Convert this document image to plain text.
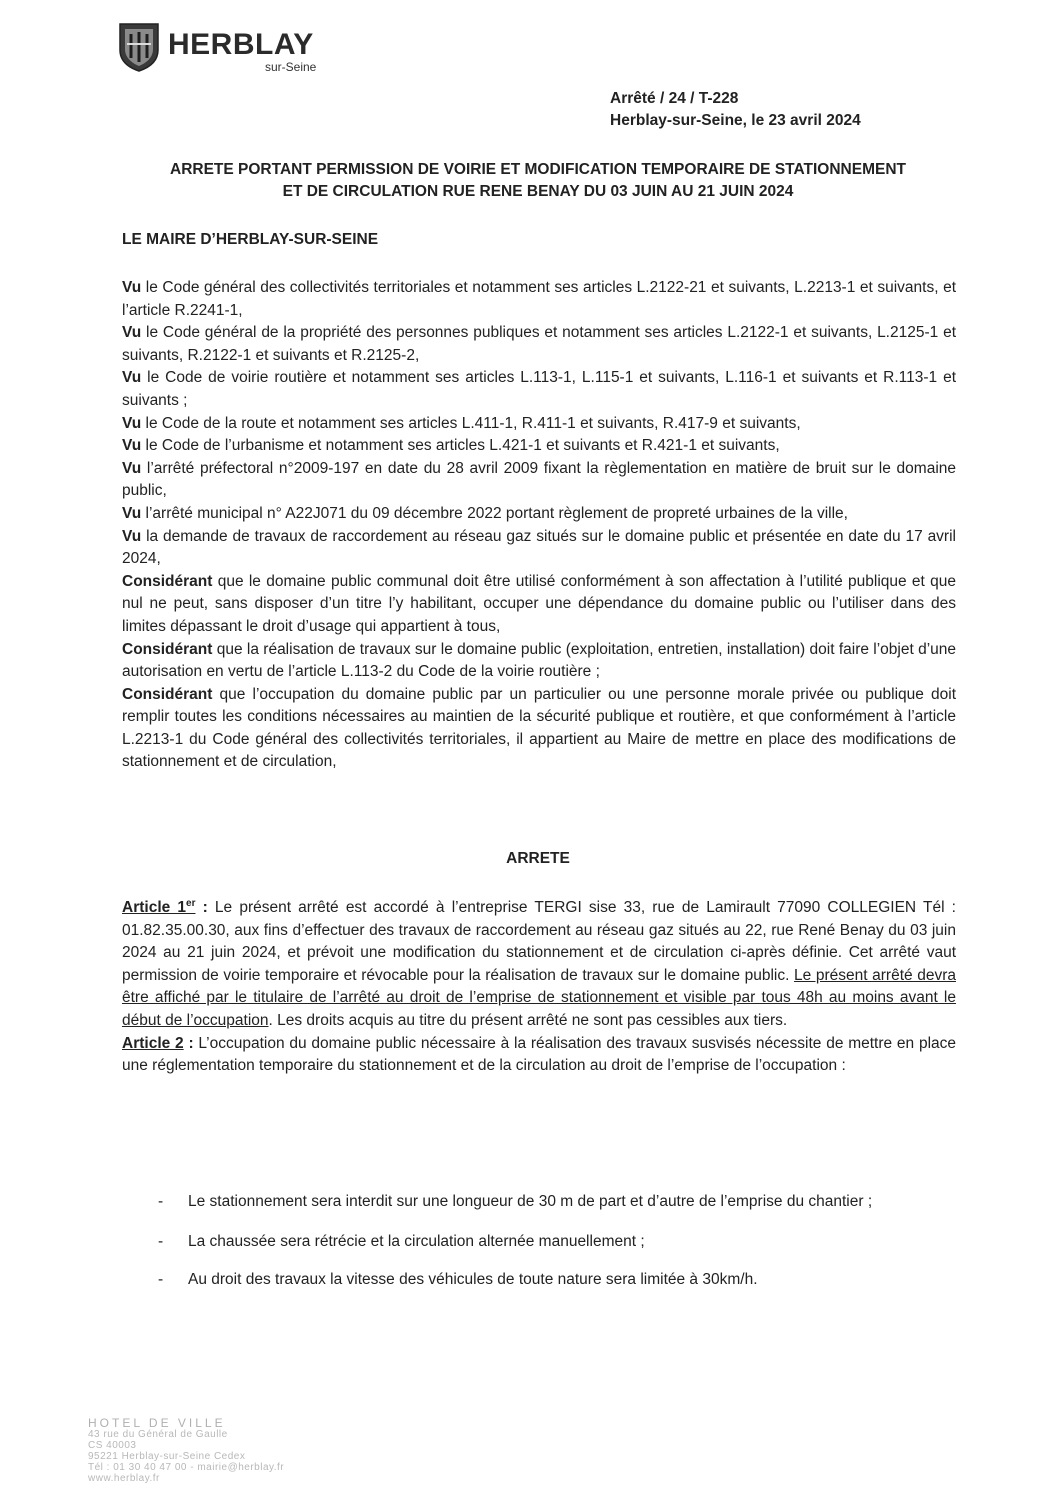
HERBLAY
sur-Seine
Arrêté / 24 / T-228
Herblay-sur-Seine, le 23 avril 2024
ARRETE PORTANT PERMISSION DE VOIRIE ET MODIFICATION TEMPORAIRE DE STATIONNEMENT
ET DE CIRCULATION RUE RENE BENAY DU 03 JUIN AU 21 JUIN 2024
LE MAIRE D’HERBLAY-SUR-SEINE

Vu le Code général des collectivités territoriales et notamment ses articles L.2122-21 et suivants, L.2213-1 et suivants, et l’article R.2241-1,

Vu le Code général de la propriété des personnes publiques et notamment ses articles L.2122-1 et suivants, L.2125-1 et suivants, R.2122-1 et suivants et R.2125-2,

Vu le Code de voirie routière et notamment ses articles L.113-1, L.115-1 et suivants, L.116-1 et suivants et R.113-1 et suivants ;

Vu le Code de la route et notamment ses articles L.411-1, R.411-1 et suivants, R.417-9 et suivants,

Vu le Code de l’urbanisme et notamment ses articles L.421-1 et suivants et R.421-1 et suivants,

Vu l’arrêté préfectoral n°2009-197 en date du 28 avril 2009 fixant la règlementation en matière de bruit sur le domaine public,

Vu l’arrêté municipal n° A22J071 du 09 décembre 2022 portant règlement de propreté urbaines de la ville,

Vu la demande de travaux de raccordement au réseau gaz situés sur le domaine public et présentée en date du 17 avril 2024,

Considérant que le domaine public communal doit être utilisé conformément à son affectation à l’utilité publique et que nul ne peut, sans disposer d’un titre l’y habilitant, occuper une dépendance du domaine public ou l’utiliser dans des limites dépassant le droit d’usage qui appartient à tous,

Considérant que la réalisation de travaux sur le domaine public (exploitation, entretien, installation) doit faire l’objet d’une autorisation en vertu de l’article L.113-2 du Code de la voirie routière ;

Considérant que l’occupation du domaine public par un particulier ou une personne morale privée ou publique doit remplir toutes les conditions nécessaires au maintien de la sécurité publique et routière, et que conformément à l’article L.2213-1 du Code général des collectivités territoriales, il appartient au Maire de mettre en place des modifications de stationnement et de circulation,

ARRETE

Article 1er : Le présent arrêté est accordé à l’entreprise TERGI sise 33, rue de Lamirault 77090 COLLEGIEN Tél : 01.82.35.00.30, aux fins d’effectuer des travaux de raccordement au réseau gaz situés au 22, rue René Benay du 03 juin 2024 au 21 juin 2024, et prévoit une modification du stationnement et de circulation ci-après définie. Cet arrêté vaut permission de voirie temporaire et révocable pour la réalisation de travaux sur le domaine public. Le présent arrêté devra être affiché par le titulaire de l’arrêté au droit de l’emprise de stationnement et visible par tous 48h au moins avant le début de l’occupation. Les droits acquis au titre du présent arrêté ne sont pas cessibles aux tiers.

Article 2 : L’occupation du domaine public nécessaire à la réalisation des travaux susvisés nécessite de mettre en place une réglementation temporaire du stationnement et de la circulation au droit de l’emprise de l’occupation :

- Le stationnement sera interdit sur une longueur de 30 m de part et d’autre de l’emprise du chantier ;
- La chaussée sera rétrécie et la circulation alternée manuellement ;
- Au droit des travaux la vitesse des véhicules de toute nature sera limitée à 30km/h.
HOTEL DE VILLE
43 rue du Général de Gaulle
CS 40003
95221 Herblay-sur-Seine Cedex
Tél : 01 30 40 47 00 - mairie@herblay.fr
www.herblay.fr
